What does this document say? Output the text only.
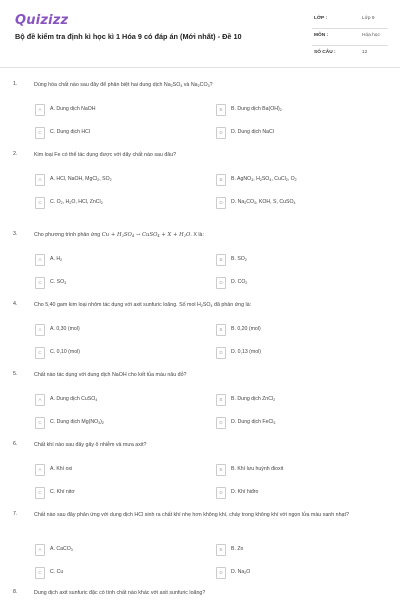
Quizizz
Bộ đề kiểm tra định kì học kì 1 Hóa 9 có đáp án (Mới nhất) - Đề 10
LỚP :	Lớp 9
MÔN :	Hóa học
SỐ CÂU :	12
1.	Dùng hóa chất nào sau đây để phân biệt hai dung dịch $Na_2SO_4$ và $Na_2CO_3$?
A	A. Dung dịch NaOH	B	B. Dung dịch $Ba(OH)_2$
C	C. Dung dịch HCl	D	D. Dung dịch NaCl
2.	Kim loại Fe có thể tác dụng được với dãy chất nào sau đâu?
A	A. HCl, NaOH, MgCl$_2$, $SO_2$	B	B. AgNO$_3$, $H_2SO_4$, CuCl$_2$, $O_2$
C	C. $O_2$, $H_2O$, HCl, ZnCl$_2$	D	D. $Na_2CO_3$, KOH, S, CuSO$_4$
3.	Cho phương trình phản ứng $Cu + H_2SO_4$ → CuSO$_4$ + $X + H_2O$. X là:
A	A. $H_2$	B	B. $SO_2$
C	C. $SO_3$	D	D. $CO_2$
4.	Cho 5,40 gam kim loại nhôm tác dụng với axit sunfuric loãng. Số mol $H_2SO_4$ đã phản ứng là:
A	A. 0,30 (mol)	B	B. 0,20 (mol)
C	C. 0,10 (mol)	D	D. 0,13 (mol)
5.	Chất nào tác dụng với dung dịch NaOH cho kết tủa màu nâu đỏ?
A	A. Dung dịch CuSO$_4$	B	B. Dung dịch ZnCl$_2$
C	C. Dung dịch $Mg(NO_3)_2$	D	D. Dung dịch FeCl$_3$
6.	Chất khí nào sau đây gây ô nhiễm và mưa axit?
A	A. Khí oxi	B	B. Khí lưu huỳnh đioxit
C	C. Khí nitơ	D	D. Khí hiđro
7.	Chất nào sau đây phản ứng với dung dịch HCl sinh ra chất khí nhẹ hơn không khí, cháy trong không khí với ngọn lửa màu xanh nhạt?
A	A. CaCO$_3$	B	B. Zn
C	C. Cu	D	D. $Na_2O$
8.	Dung dịch axit sunfuric đặc có tính chất nào khác với axit sunfuric loãng?
